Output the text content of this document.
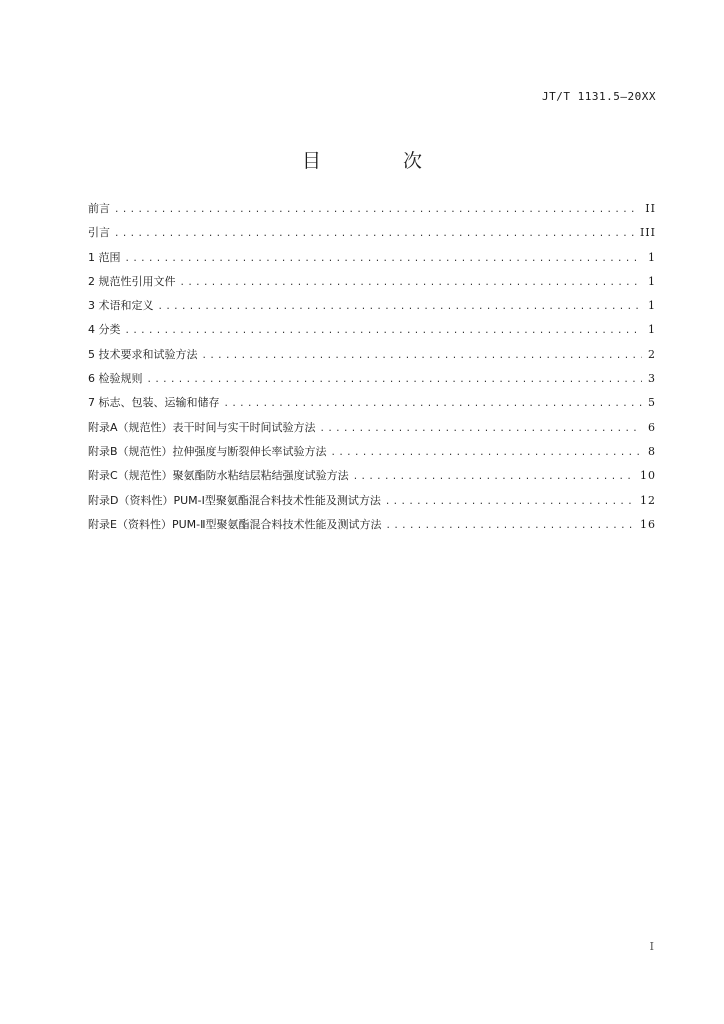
JT/T 1131.5—20XX
目 次
前言 .....	II
引言 .....	III
1 范围 .....	1
2 规范性引用文件 .....	1
3 术语和定义 .....	1
4 分类 .....	1
5 技术要求和试验方法 .....	2
6 检验规则 .....	3
7 标志、包装、运输和储存 .....	5
附录A（规范性）表干时间与实干时间试验方法 .....	6
附录B（规范性）拉伸强度与断裂伸长率试验方法 .....	8
附录C（规范性）聚氨酯防水粘结层粘结强度试验方法 .....	10
附录D（资料性）PUM-Ⅰ型聚氨酯混合料技术性能及测试方法 .....	12
附录E（资料性）PUM-Ⅱ型聚氨酯混合料技术性能及测试方法 .....	16
I
